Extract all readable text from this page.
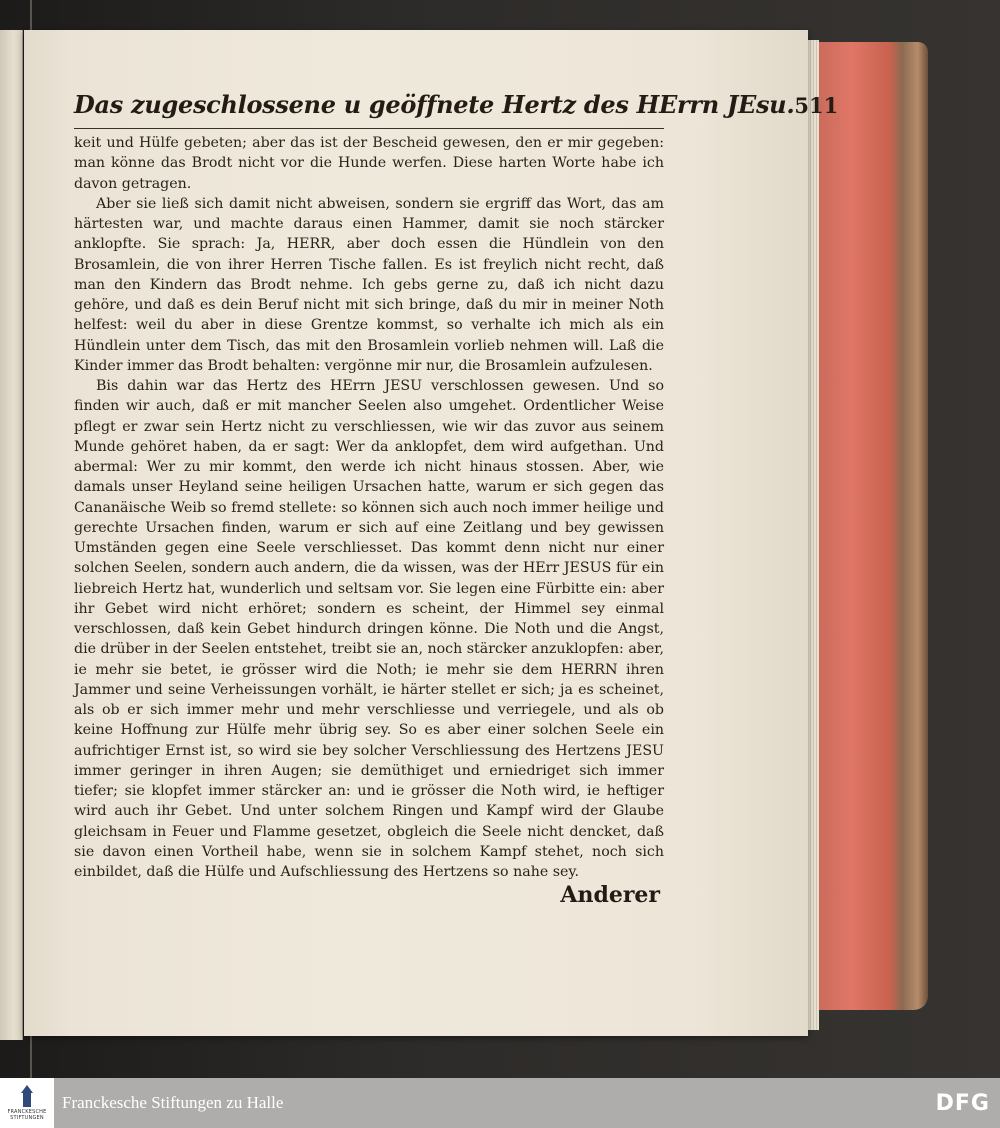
Das zugeschlossene u geöffnete Hertz des HErrn JEsu. 511

keit und Hülfe gebeten; aber das ist der Bescheid gewesen, den er mir gegeben: man könne das Brodt nicht vor die Hunde werfen. Diese harten Worte habe ich davon getragen.

Aber sie ließ sich damit nicht abweisen, sondern sie ergriff das Wort, das am härtesten war, und machte daraus einen Hammer, damit sie noch stärcker anklopfte. Sie sprach: Ja, HERR, aber doch essen die Hündlein von den Brosamlein, die von ihrer Herren Tische fallen. Es ist freylich nicht recht, daß man den Kindern das Brodt nehme. Ich gebs gerne zu, daß ich nicht dazu gehöre, und daß es dein Beruf nicht mit sich bringe, daß du mir in meiner Noth helfest: weil du aber in diese Grentze kommst, so verhalte ich mich als ein Hündlein unter dem Tisch, das mit den Brosamlein vorlieb nehmen will. Laß die Kinder immer das Brodt behalten: vergönne mir nur, die Brosamlein aufzulesen.

Bis dahin war das Hertz des HErrn JESU verschlossen gewesen. Und so finden wir auch, daß er mit mancher Seelen also umgehet. Ordentlicher Weise pflegt er zwar sein Hertz nicht zu verschliessen, wie wir das zuvor aus seinem Munde gehöret haben, da er sagt: Wer da anklopfet, dem wird aufgethan. Und abermal: Wer zu mir kommt, den werde ich nicht hinaus stossen. Aber, wie damals unser Heyland seine heiligen Ursachen hatte, warum er sich gegen das Cananäische Weib so fremd stellete: so können sich auch noch immer heilige und gerechte Ursachen finden, warum er sich auf eine Zeitlang und bey gewissen Umständen gegen eine Seele verschliesset. Das kommt denn nicht nur einer solchen Seelen, sondern auch andern, die da wissen, was der HErr JESUS für ein liebreich Hertz hat, wunderlich und seltsam vor. Sie legen eine Fürbitte ein: aber ihr Gebet wird nicht erhöret; sondern es scheint, der Himmel sey einmal verschlossen, daß kein Gebet hindurch dringen könne. Die Noth und die Angst, die drüber in der Seelen entstehet, treibt sie an, noch stärcker anzuklopfen: aber, ie mehr sie betet, ie grösser wird die Noth; ie mehr sie dem HERRN ihren Jammer und seine Verheissungen vorhält, ie härter stellet er sich; ja es scheinet, als ob er sich immer mehr und mehr verschliesse und verriegele, und als ob keine Hoffnung zur Hülfe mehr übrig sey. So es aber einer solchen Seele ein aufrichtiger Ernst ist, so wird sie bey solcher Verschliessung des Hertzens JESU immer geringer in ihren Augen; sie demüthiget und erniedriget sich immer tiefer; sie klopfet immer stärcker an: und ie grösser die Noth wird, ie heftiger wird auch ihr Gebet. Und unter solchem Ringen und Kampf wird der Glaube gleichsam in Feuer und Flamme gesetzet, obgleich die Seele nicht dencket, daß sie davon einen Vortheil habe, wenn sie in solchem Kampf stehet, noch sich einbildet, daß die Hülfe und Aufschliessung des Hertzens so nahe sey.

Anderer
FRANCKESCHE
STIFTUNGEN
Franckesche Stiftungen zu Halle	DFG
